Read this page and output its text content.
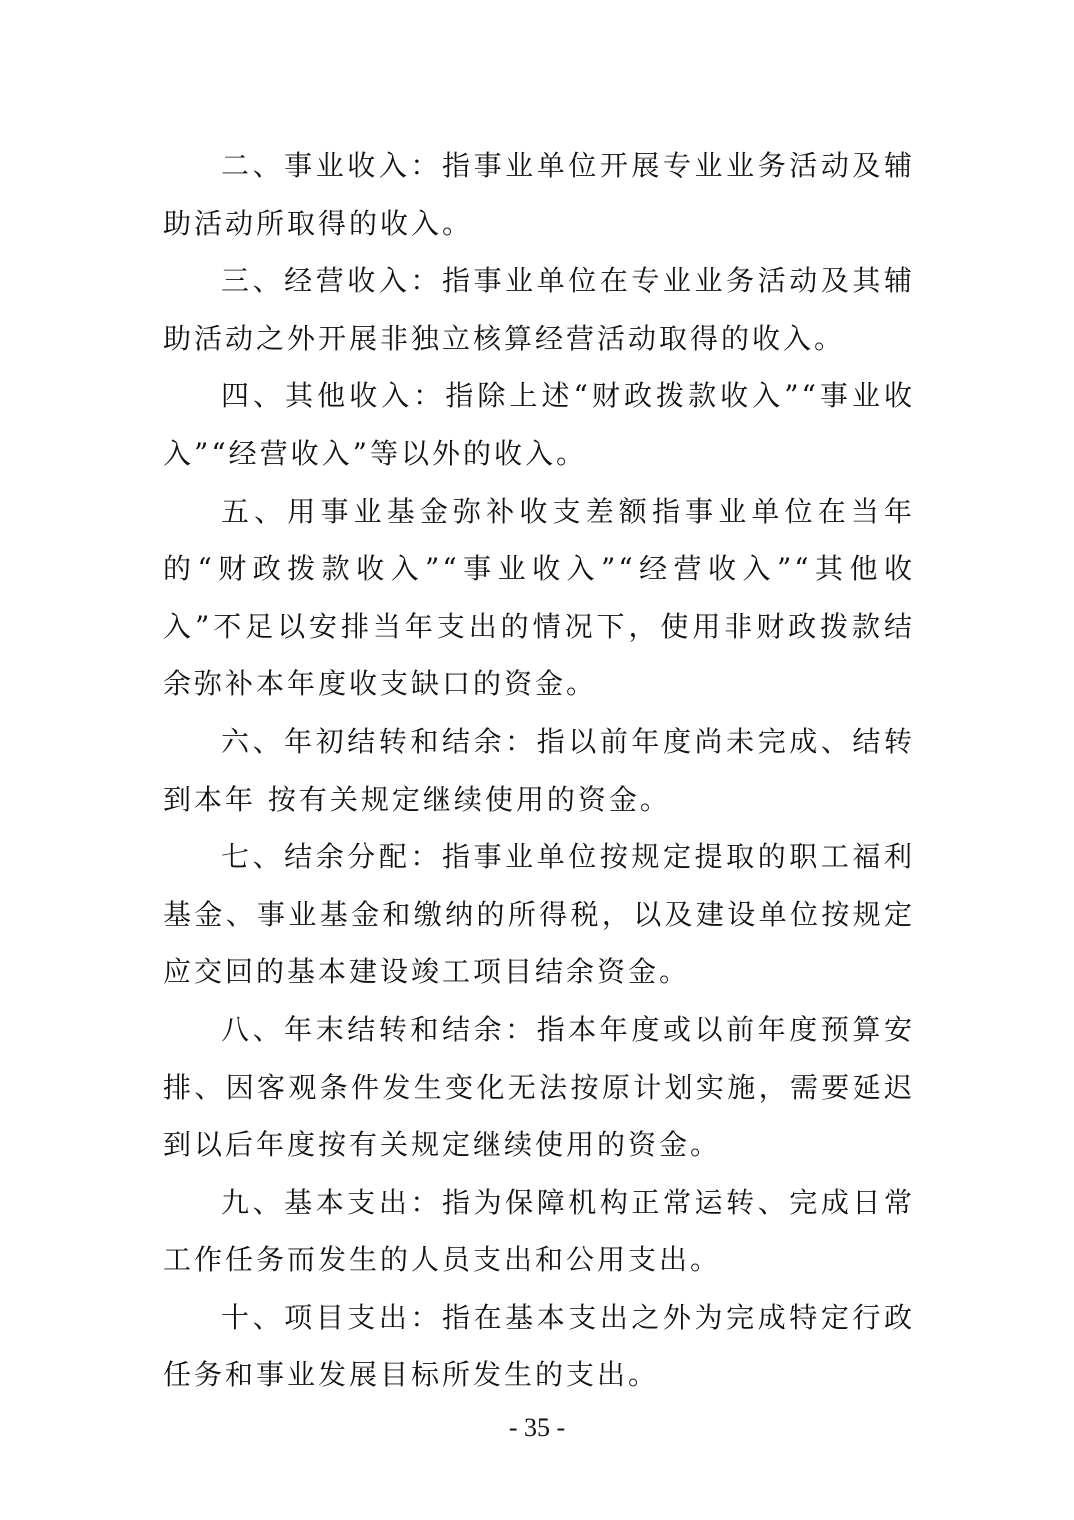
二、事业收入：指事业单位开展专业业务活动及辅助活动所取得的收入。

三、经营收入：指事业单位在专业业务活动及其辅助活动之外开展非独立核算经营活动取得的收入。

四、其他收入：指除上述“财政拨款收入”“事业收入”“经营收入”等以外的收入。

五、用事业基金弥补收支差额指事业单位在当年的“财政拨款收入”“事业收入”“经营收入”“其他收入”不足以安排当年支出的情况下，使用非财政拨款结余弥补本年度收支缺口的资金。

六、年初结转和结余：指以前年度尚未完成、结转到本年 按有关规定继续使用的资金。

七、结余分配：指事业单位按规定提取的职工福利基金、事业基金和缴纳的所得税，以及建设单位按规定应交回的基本建设竣工项目结余资金。

八、年末结转和结余：指本年度或以前年度预算安排、因客观条件发生变化无法按原计划实施，需要延迟到以后年度按有关规定继续使用的资金。

九、基本支出：指为保障机构正常运转、完成日常工作任务而发生的人员支出和公用支出。

十、项目支出：指在基本支出之外为完成特定行政任务和事业发展目标所发生的支出。

- 35 -
